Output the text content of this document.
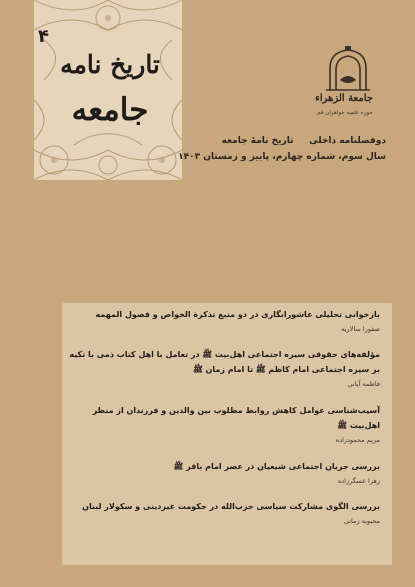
تاریخ نامه
جامعه
۴
جامعة الزهراء
حوزه علمیه خواهران قم
دوفصلنامه داخلی     تاریخ نامهٔ جامعه
سال سوم، شماره چهارم، پاییز و زمستان ۱۴۰۳
بازخوانی تحلیلی عاشورانگاری در دو منبع تذکرة الخواص و فصول المهمه
صفورا سالاریه
مؤلفه‌های حقوقی سیره اجتماعی اهل‌بیت ﷺ در تعامل با اهل کتاب ذمی با تکیه
بر سیره اجتماعی امام کاظم ﷺ تا امام زمان ﷺ
فاطمه آیانی
آسیب‌شناسی عوامل کاهش روابط مطلوب بین والدین و فرزندان از منظر
اهل‌بیت ﷺ
مریم محمودزاده
بررسی جریان اجتماعی شیعیان در عصر امام باقر ﷺ
زهرا عسگرزاده
بررسی الگوی مشارکت سیاسی حزب‌الله در حکومت غیردینی و سکولار لبنان
محبوبه زمانی
